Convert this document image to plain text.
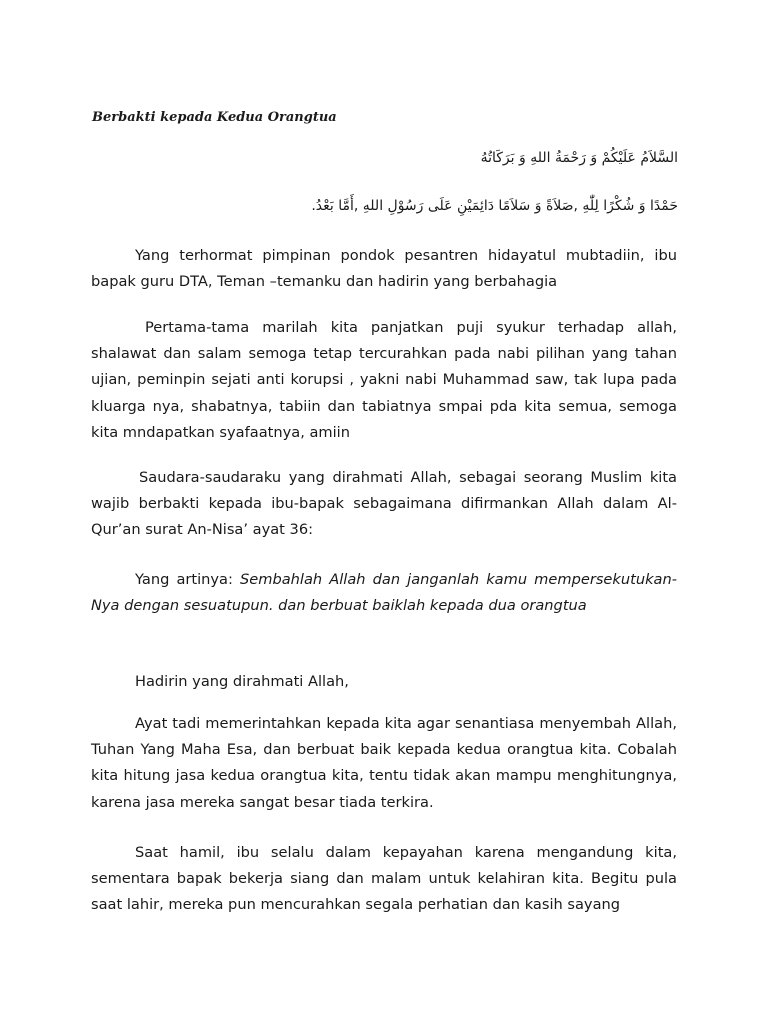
Berbakti kepada Kedua Orangtua
السَّلاَمُ عَلَيْكُمْ وَ رَحْمَةُ اللهِ وَ بَرَكَاتُهُ
حَمْدًا وَ شُكْرًا لِلّٰهِ ,صَلاَةً وَ سَلاَمًا دَائِمَيْنِ عَلَى رَسُوْلِ اللهِ ,أَمَّا بَعْدُ.

Yang terhormat pimpinan pondok pesantren hidayatul mubtadiin, ibu bapak guru DTA, Teman –temanku dan hadirin yang berbahagia

Pertama-tama marilah kita panjatkan puji syukur terhadap allah, shalawat dan salam semoga tetap tercurahkan pada nabi pilihan yang tahan ujian, peminpin sejati anti korupsi , yakni nabi Muhammad saw, tak lupa pada kluarga nya, shabatnya, tabiin dan tabiatnya smpai pda kita semua, semoga kita mndapatkan syafaatnya, amiin

Saudara-saudaraku yang dirahmati Allah, sebagai seorang Muslim kita wajib berbakti kepada ibu-bapak sebagaimana difirmankan Allah dalam Al-Qur’an surat An-Nisa’ ayat 36:

Yang artinya: Sembahlah Allah dan janganlah kamu mempersekutukan-Nya dengan sesuatupun. dan berbuat baiklah kepada dua orangtua

Hadirin yang dirahmati Allah,

Ayat tadi memerintahkan kepada kita agar senantiasa menyembah Allah, Tuhan Yang Maha Esa, dan berbuat baik kepada kedua orangtua kita. Cobalah kita hitung jasa kedua orangtua kita, tentu tidak akan mampu menghitungnya, karena jasa mereka sangat besar tiada terkira.

Saat hamil, ibu selalu dalam kepayahan karena mengandung kita, sementara bapak bekerja siang dan malam untuk kelahiran kita. Begitu pula saat lahir, mereka pun mencurahkan segala perhatian dan kasih sayang
